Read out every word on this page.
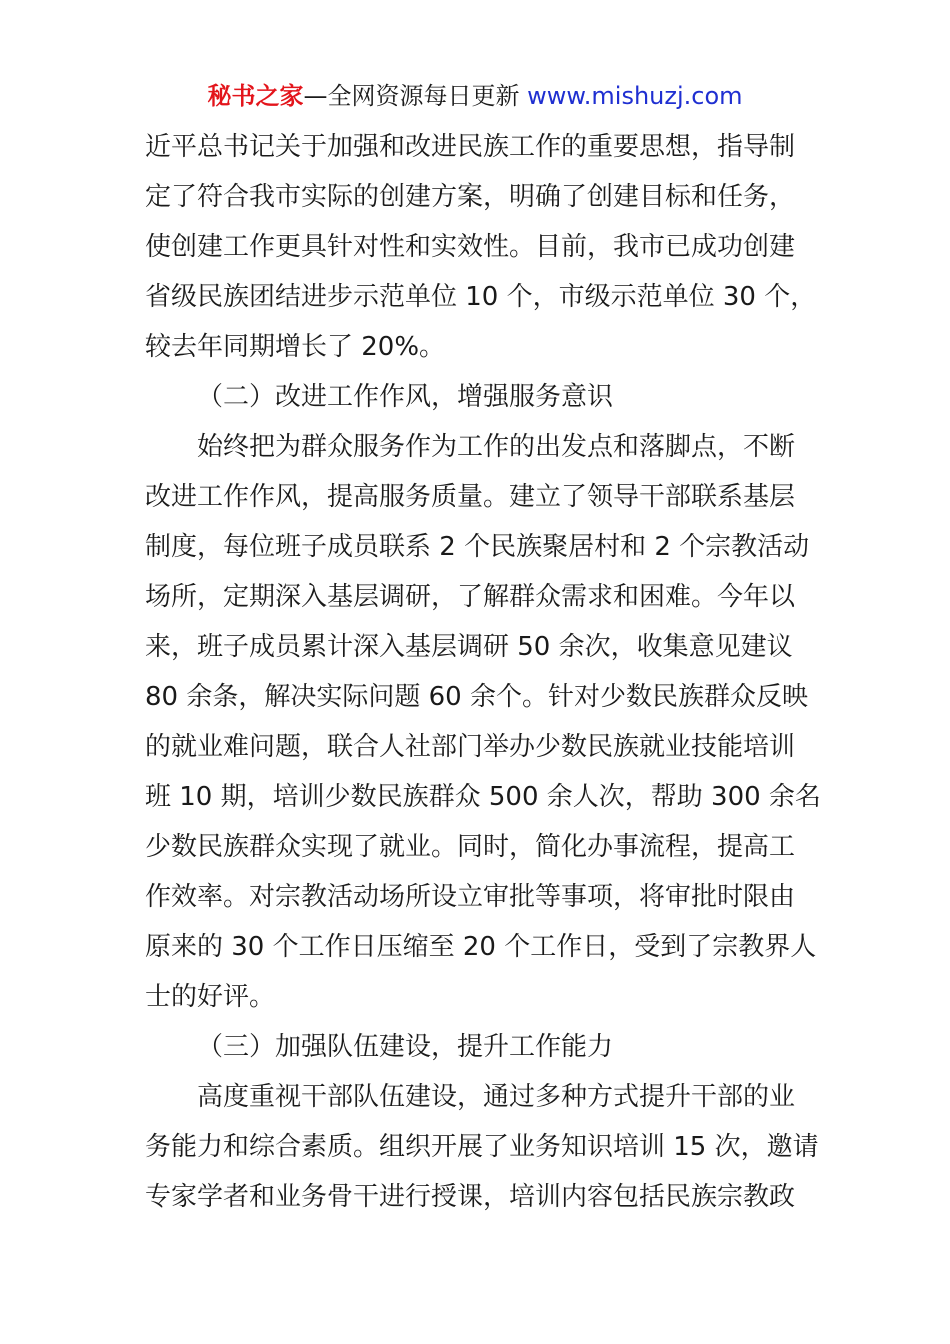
秘书之家—全网资源每日更新 www.mishuzj.com
近平总书记关于加强和改进民族工作的重要思想，指导制
定了符合我市实际的创建方案，明确了创建目标和任务，
使创建工作更具针对性和实效性。目前，我市已成功创建
省级民族团结进步示范单位 10 个，市级示范单位 30 个，
较去年同期增长了 20%。
（二）改进工作作风，增强服务意识
始终把为群众服务作为工作的出发点和落脚点，不断
改进工作作风，提高服务质量。建立了领导干部联系基层
制度，每位班子成员联系 2 个民族聚居村和 2 个宗教活动
场所，定期深入基层调研，了解群众需求和困难。今年以
来，班子成员累计深入基层调研 50 余次，收集意见建议
80 余条，解决实际问题 60 余个。针对少数民族群众反映
的就业难问题，联合人社部门举办少数民族就业技能培训
班 10 期，培训少数民族群众 500 余人次，帮助 300 余名
少数民族群众实现了就业。同时，简化办事流程，提高工
作效率。对宗教活动场所设立审批等事项，将审批时限由
原来的 30 个工作日压缩至 20 个工作日，受到了宗教界人
士的好评。
（三）加强队伍建设，提升工作能力
高度重视干部队伍建设，通过多种方式提升干部的业
务能力和综合素质。组织开展了业务知识培训 15 次，邀请
专家学者和业务骨干进行授课，培训内容包括民族宗教政
